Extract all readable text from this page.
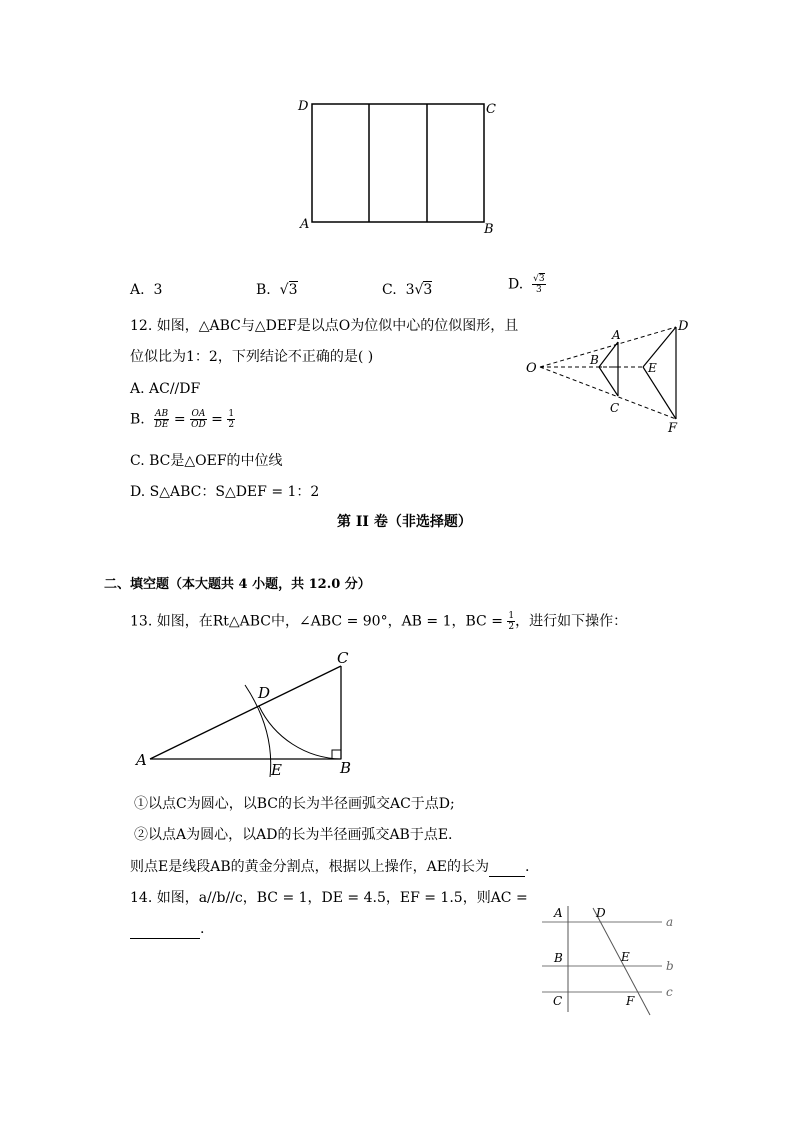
D	C
A	B
A. 3	B.  √3	C. 3√3	D. $\frac{√3}{3}$
12. 如图，△ABC与△DEF是以点O为位似中心的位似图形，且
位似比为1：2，下列结论不正确的是( )
A. AC//DF
B. $\frac{AB}{DE} = \frac{OA}{OD} = \frac{1}{2}$
C. BC是△OEF的中位线
D. S△ABC：S△DEF = 1：2
O
A
B
C
D
E
F
第 II 卷（非选择题）
二、填空题（本大题共 4 小题，共 12.0 分）
13. 如图，在Rt△ABC中，∠ABC = 90°，AB = 1，BC = $\frac{1}{2}$ ，进行如下操作：
A	B
C
D
E
①以点C为圆心，以BC的长为半径画弧交AC于点D;
②以点A为圆心，以AD的长为半径画弧交AB于点E.
则点E是线段AB的黄金分割点，根据以上操作，AE的长为	.
14. 如图，a//b//c，BC = 1，DE = 4.5，EF = 1.5，则AC =
.
A	D
a
B	E
b
C	F
c
